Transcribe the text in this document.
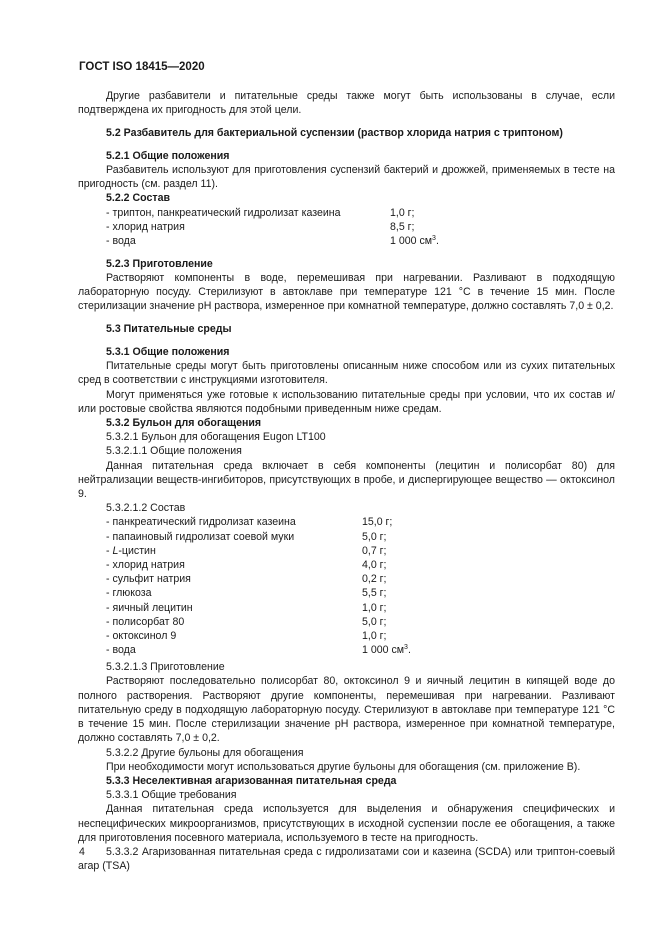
ГОСТ ISO 18415—2020

Другие разбавители и питательные среды также могут быть использованы в случае, если подтверждена их пригодность для этой цели.

5.2 Разбавитель для бактериальной суспензии (раствор хлорида натрия с триптоном)

5.2.1 Общие положения

Разбавитель используют для приготовления суспензий бактерий и дрожжей, применяемых в тесте на пригодность (см. раздел 11).

5.2.2 Состав

- триптон, панкреатический гидролизат казеина	1,0 г;
- хлорид натрия	8,5 г;
- вода	1 000 $см^3$.

5.2.3 Приготовление

Растворяют компоненты в воде, перемешивая при нагревании. Разливают в подходящую лабораторную посуду. Стерилизуют в автоклаве при температуре 121 °С в течение 15 мин. После стерилизации значение pH раствора, измеренное при комнатной температуре, должно составлять 7,0 ± 0,2.

5.3 Питательные среды

5.3.1 Общие положения

Питательные среды могут быть приготовлены описанным ниже способом или из сухих питательных сред в соответствии с инструкциями изготовителя.

Могут применяться уже готовые к использованию питательные среды при условии, что их состав и/или ростовые свойства являются подобными приведенным ниже средам.

5.3.2 Бульон для обогащения

5.3.2.1 Бульон для обогащения Eugon LT100

5.3.2.1.1 Общие положения

Данная питательная среда включает в себя компоненты (лецитин и полисорбат 80) для нейтрализации веществ-ингибиторов, присутствующих в пробе, и диспергирующее вещество — октоксинол 9.

5.3.2.1.2 Состав

- панкреатический гидролизат казеина	15,0 г;
- папаиновый гидролизат соевой муки	5,0 г;
- L-цистин	0,7 г;
- хлорид натрия	4,0 г;
- сульфит натрия	0,2 г;
- глюкоза	5,5 г;
- яичный лецитин	1,0 г;
- полисорбат 80	5,0 г;
- октоксинол 9	1,0 г;
- вода	1 000 $см^3$.

5.3.2.1.3 Приготовление

Растворяют последовательно полисорбат 80, октоксинол 9 и яичный лецитин в кипящей воде до полного растворения. Растворяют другие компоненты, перемешивая при нагревании. Разливают питательную среду в подходящую лабораторную посуду. Стерилизуют в автоклаве при температуре 121 °С в течение 15 мин. После стерилизации значение pH раствора, измеренное при комнатной температуре, должно составлять 7,0 ± 0,2.

5.3.2.2 Другие бульоны для обогащения

При необходимости могут использоваться другие бульоны для обогащения (см. приложение В).

5.3.3 Неселективная агаризованная питательная среда

5.3.3.1 Общие требования

Данная питательная среда используется для выделения и обнаружения специфических и неспецифических микроорганизмов, присутствующих в исходной суспензии после ее обогащения, а также для приготовления посевного материала, используемого в тесте на пригодность.

5.3.3.2 Агаризованная питательная среда с гидролизатами сои и казеина (SCDA) или триптон-соевый агар (TSA)

4
